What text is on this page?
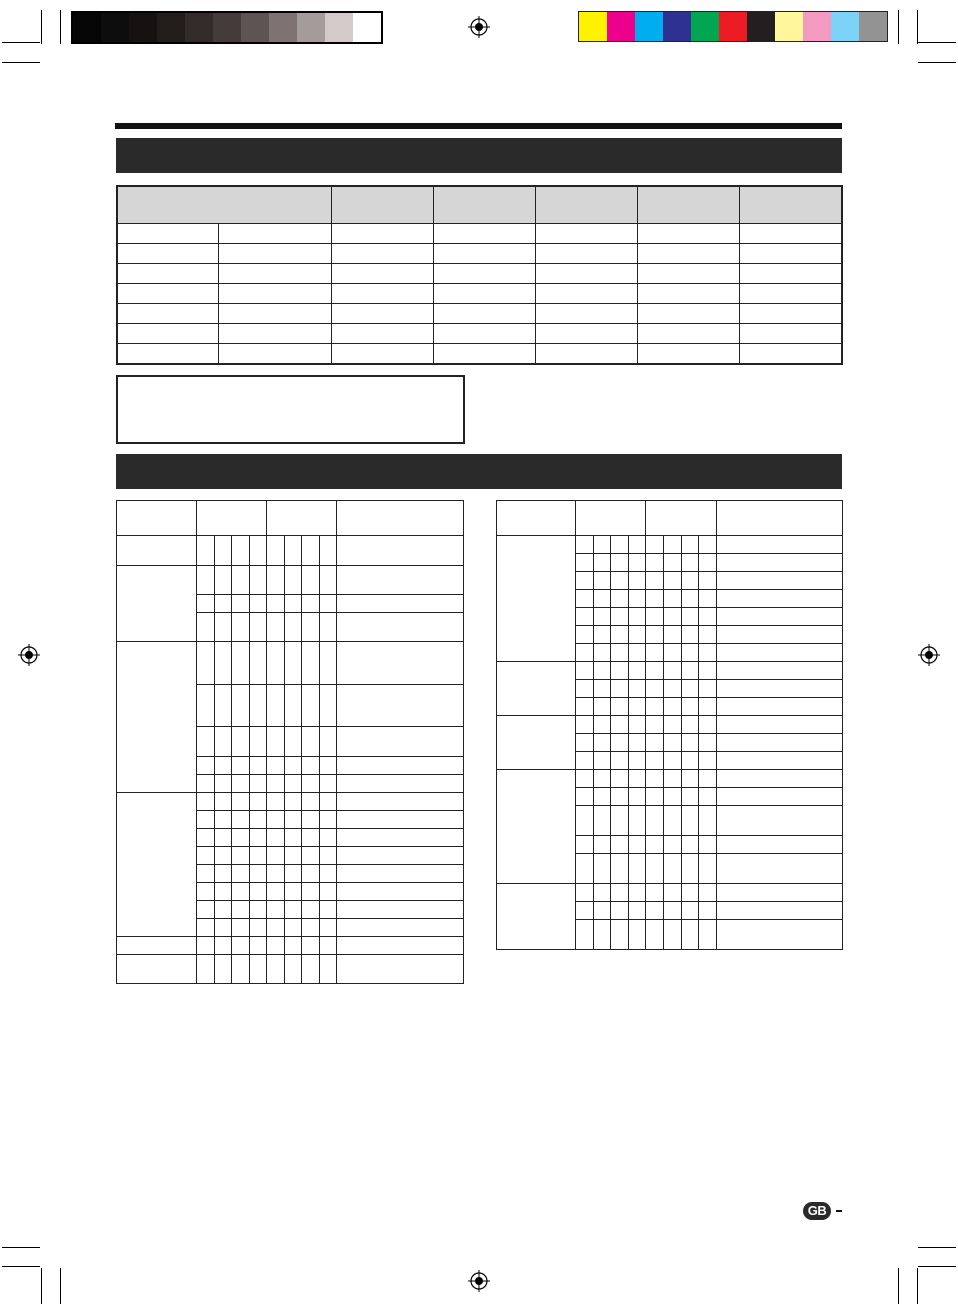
GB
